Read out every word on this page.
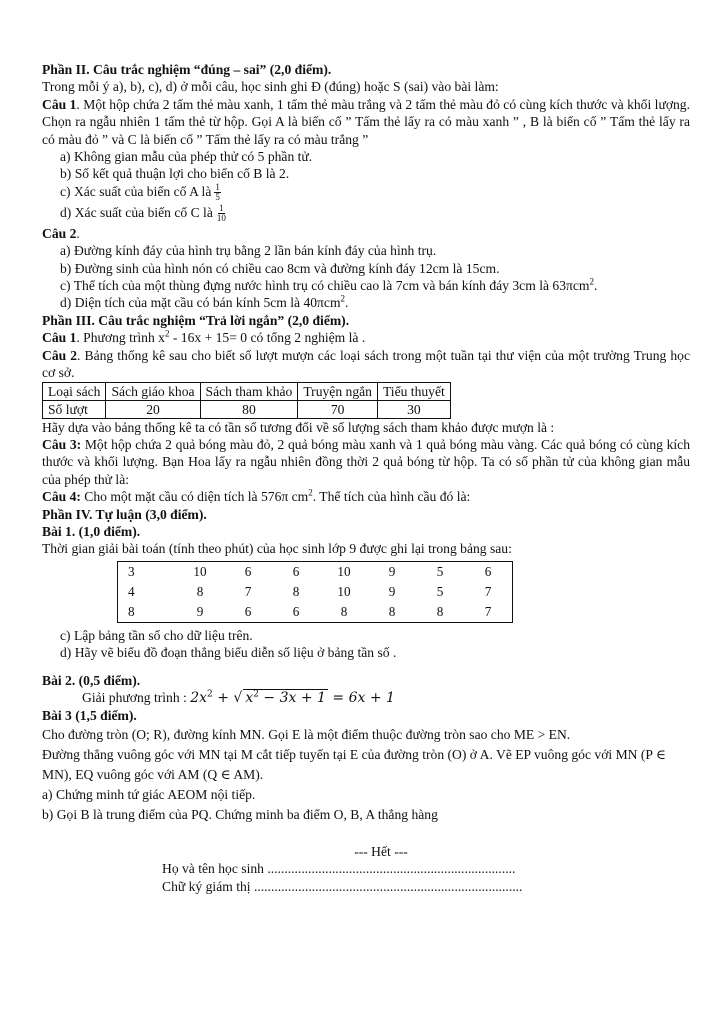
Phần II. Câu trắc nghiệm “đúng – sai” (2,0 điểm).

Trong mỗi ý a), b), c), d) ở mỗi câu, học sinh ghi Đ (đúng) hoặc S (sai) vào bài làm:

Câu 1. Một hộp chứa 2 tấm thẻ màu xanh, 1 tấm thẻ màu trắng và 2 tấm thẻ màu đỏ có cùng kích thước và khối lượng. Chọn ra ngẫu nhiên 1 tấm thẻ từ hộp. Gọi A là biến cố ” Tấm thẻ lấy ra có màu xanh ” , B là biến cố ” Tấm thẻ lấy ra có màu đỏ ” và C là biến cố ” Tấm thẻ lấy ra có màu trắng ”

a) Không gian mẫu của phép thử có 5 phần tử.

b) Số kết quả thuận lợi cho biến cố B là 2.

c) Xác suất của biến cố A là $\frac{1}{5}$

d) Xác suất của biến cố C là $\frac{1}{10}$

Câu 2.

a) Đường kính đáy của hình trụ bằng 2 lần bán kính đáy của hình trụ.

b) Đường sinh của hình nón có chiều cao 8cm và đường kính đáy 12cm là 15cm.

c) Thể tích của một thùng đựng nước hình trụ có chiều cao là 7cm và bán kính đáy 3cm là 63πcm$^2$.

d) Diện tích của mặt cầu có bán kính 5cm là 40πcm$^2$.

Phần III. Câu trắc nghiệm “Trả lời ngắn” (2,0 điểm).

Câu 1. Phương trình $x^2 - 16x + 15= 0$ có tổng 2 nghiệm là .

Câu 2. Bảng thống kê sau cho biết số lượt mượn các loại sách trong một tuần tại thư viện của một trường Trung học cơ sở.

Loại sách	Sách giáo khoa	Sách tham khảo	Truyện ngắn	Tiểu thuyết
Số lượt	20	80	70	30

Hãy dựa vào bảng thống kê ta có tần số tương đối về số lượng sách tham khảo được mượn là :

Câu 3: Một hộp chứa 2 quả bóng màu đỏ, 2 quả bóng màu xanh và 1 quả bóng màu vàng. Các quả bóng có cùng kích thước và khối lượng. Bạn Hoa lấy ra ngẫu nhiên đồng thời 2 quả bóng từ hộp. Ta có số phần tử của không gian mẫu của phép thử là:

Câu 4: Cho một mặt cầu có diện tích là 576π $cm^2$. Thể tích của hình cầu đó là:

Phần IV. Tự luận (3,0 điểm).

Bài 1. (1,0 điểm).

Thời gian giải bài toán (tính theo phút) của học sinh lớp 9 được ghi lại trong bảng sau:

3	10	6	6	10	9	5	6
4	8	7	8	10	9	5	7
8	9	6	6	8	8	8	7

c) Lập bảng tần số cho dữ liệu trên.

d) Hãy vẽ biểu đồ đoạn thẳng biểu diễn số liệu ở bảng tần số .

Bài 2. (0,5 điểm).

Giải phương trình : $2x^2$ + √ $x^2 - 3x + 1 = 6x + 1$

Bài 3 (1,5 điểm).

Cho đường tròn (O; R), đường kính MN. Gọi E là một điểm thuộc đường tròn sao cho ME > EN.

Đường thẳng vuông góc với MN tại M cắt tiếp tuyến tại E của đường tròn (O) ở A. Vẽ EP vuông góc với MN (P ∈ MN), EQ vuông góc với AM (Q ∈ AM).

a) Chứng minh tứ giác AEOM nội tiếp.

b) Gọi B là trung điểm của PQ. Chứng minh ba điểm O, B, A thẳng hàng

--- Hết ---

Họ và tên học sinh .........................................................................

Chữ ký giám thị ...............................................................................
